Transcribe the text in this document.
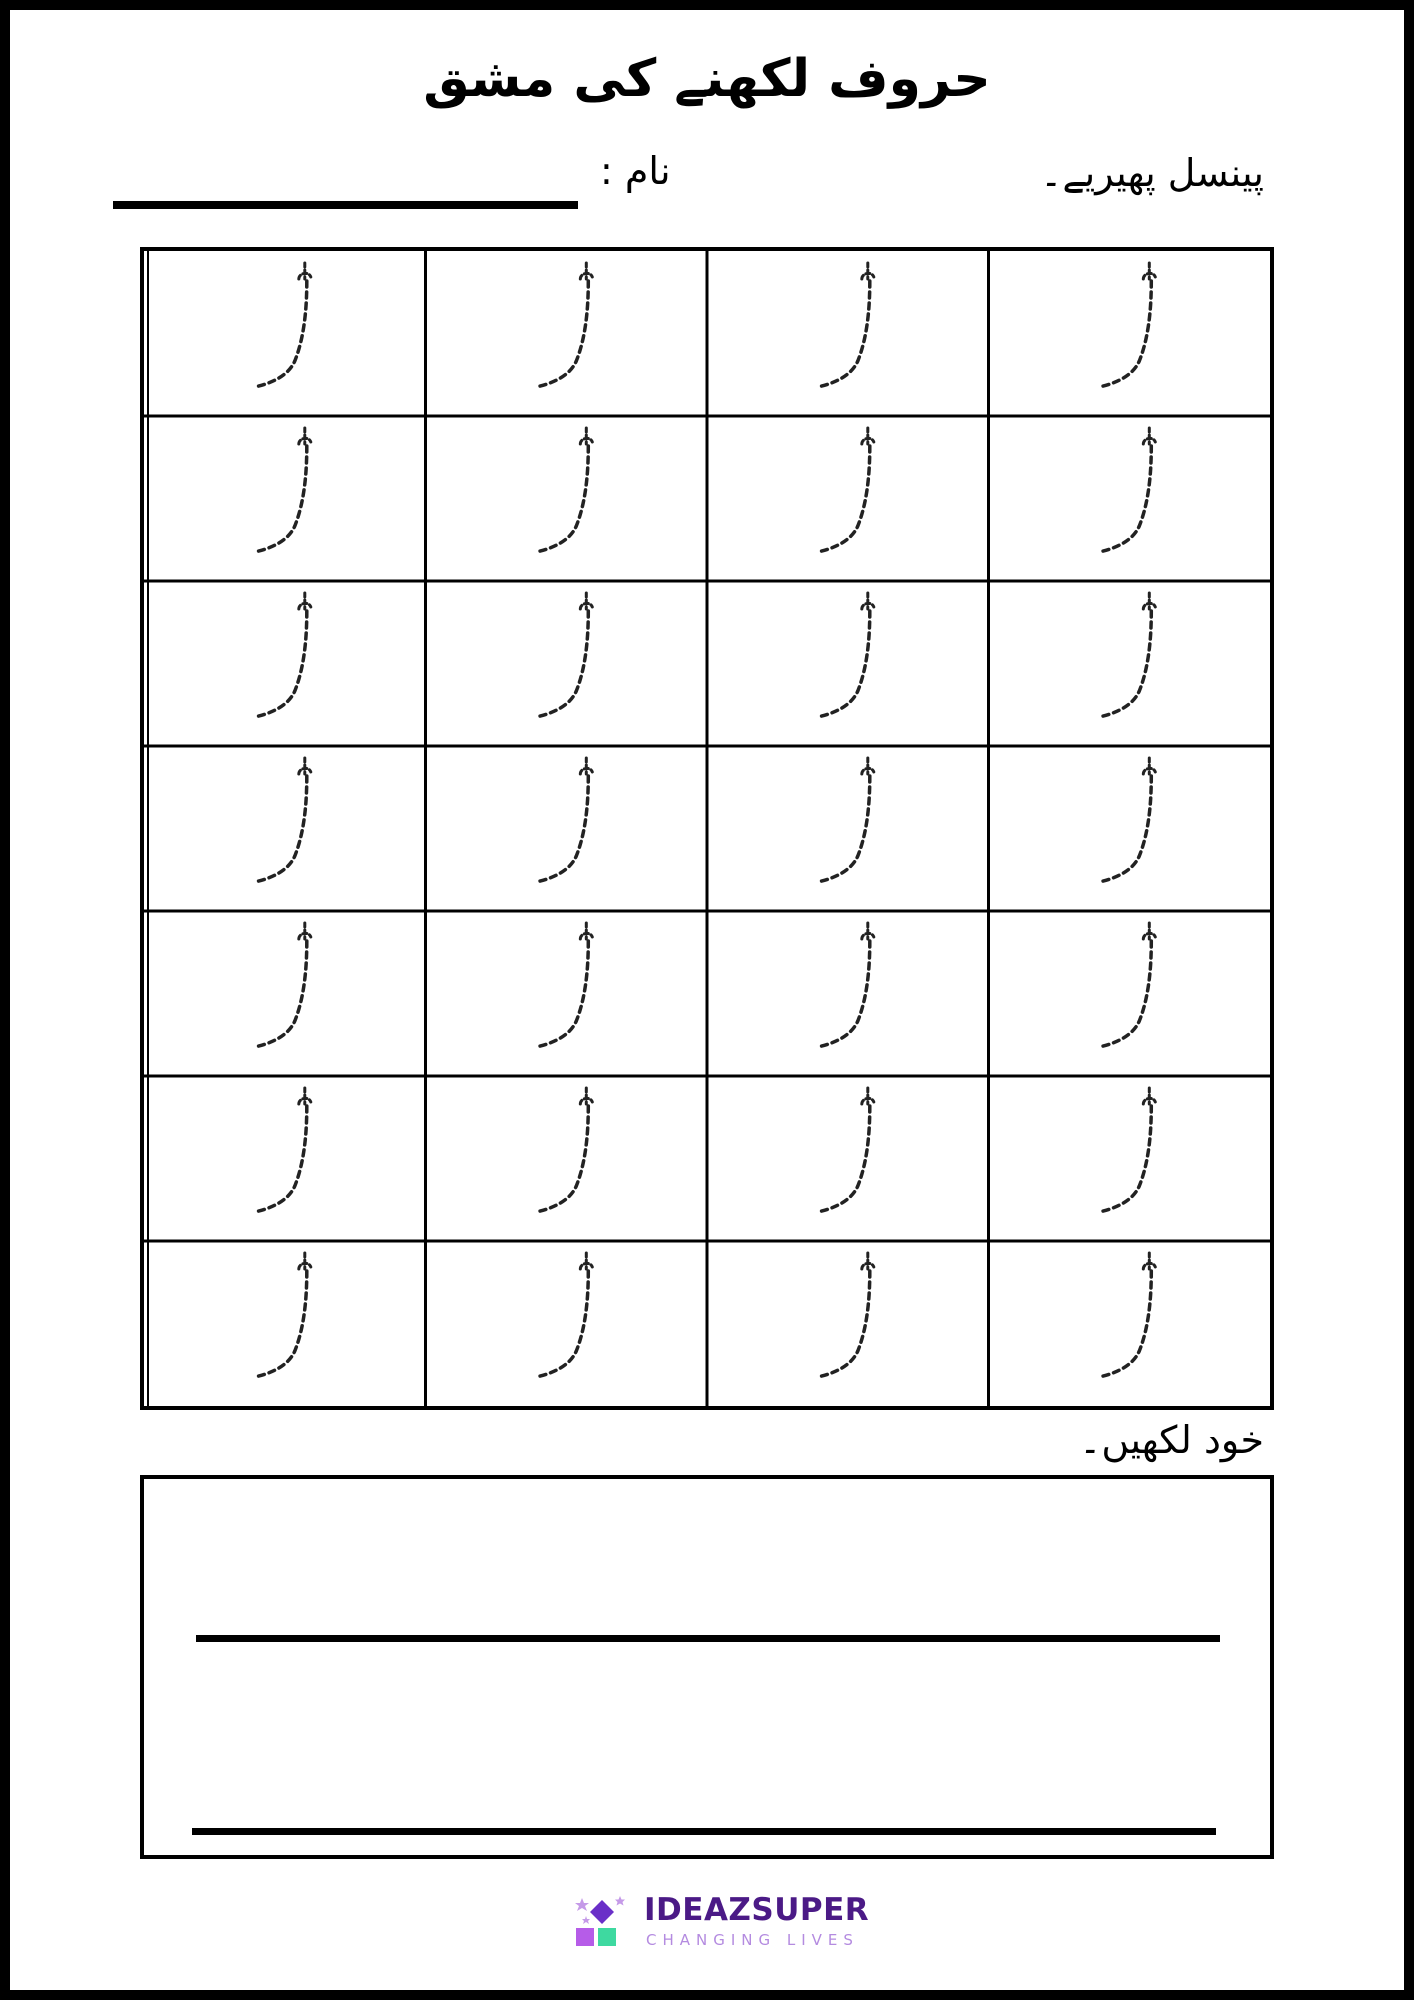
حروف لکھنے کی مشق
پینسل پھیریے۔
نام :
خود لکھیں۔
IDEAZSUPER
CHANGING LIVES
